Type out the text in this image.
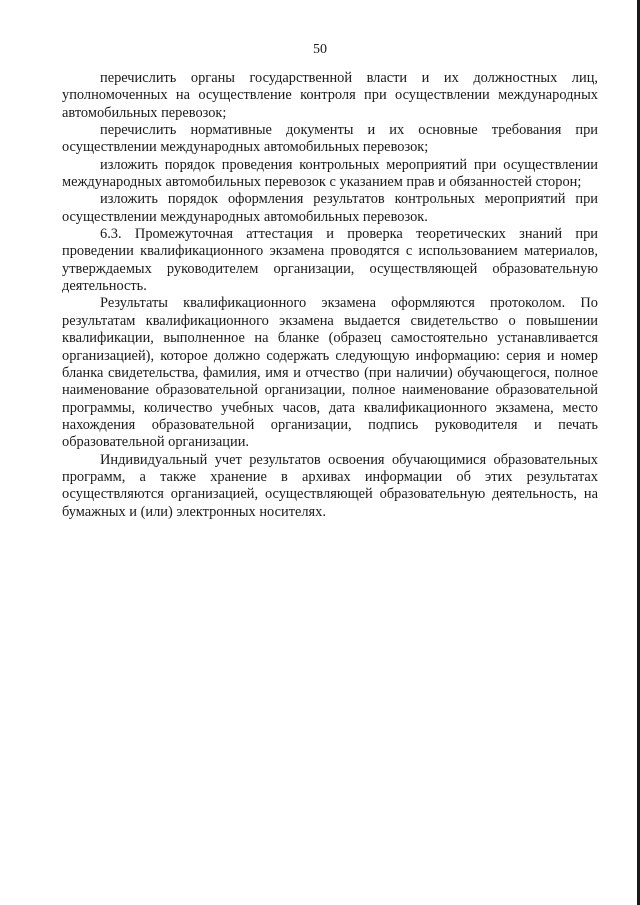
50

перечислить органы государственной власти и их должностных лиц, уполномоченных на осуществление контроля при осуществлении международных автомобильных перевозок;

перечислить нормативные документы и их основные требования при осуществлении международных автомобильных перевозок;

изложить порядок проведения контрольных мероприятий при осуществлении международных автомобильных перевозок с указанием прав и обязанностей сторон;

изложить порядок оформления результатов контрольных мероприятий при осуществлении международных автомобильных перевозок.

6.3. Промежуточная аттестация и проверка теоретических знаний при проведении квалификационного экзамена проводятся с использованием материалов, утверждаемых руководителем организации, осуществляющей образовательную деятельность.

Результаты квалификационного экзамена оформляются протоколом. По результатам квалификационного экзамена выдается свидетельство о повышении квалификации, выполненное на бланке (образец самостоятельно устанавливается организацией), которое должно содержать следующую информацию: серия и номер бланка свидетельства, фамилия, имя и отчество (при наличии) обучающегося, полное наименование образовательной организации, полное наименование образовательной программы, количество учебных часов, дата квалификационного экзамена, место нахождения образовательной организации, подпись руководителя и печать образовательной организации.

Индивидуальный учет результатов освоения обучающимися образовательных программ, а также хранение в архивах информации об этих результатах осуществляются организацией, осуществляющей образовательную деятельность, на бумажных и (или) электронных носителях.
